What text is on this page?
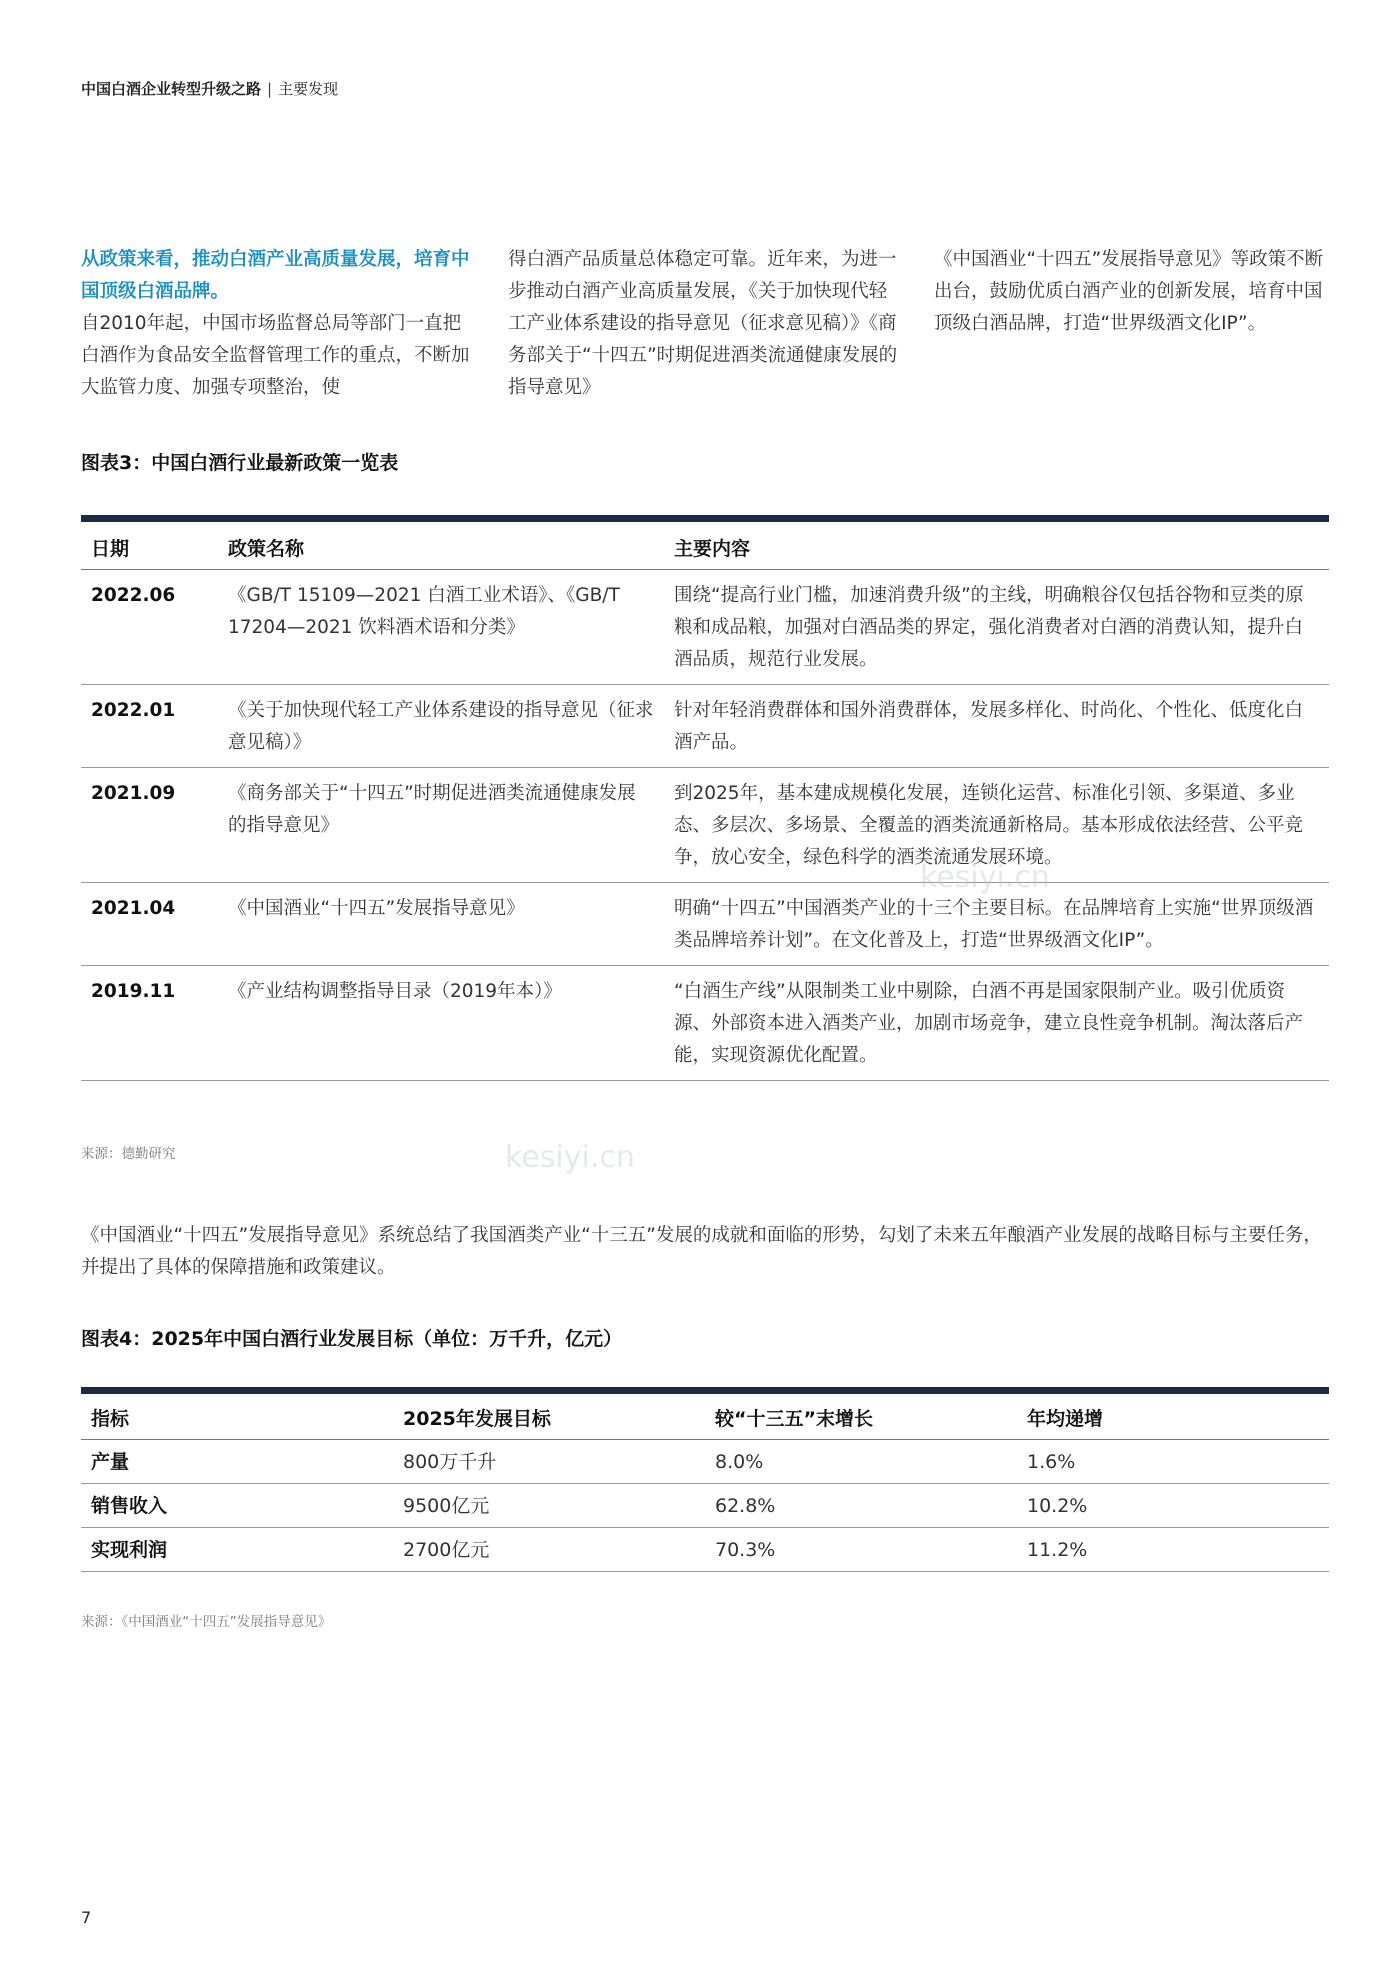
中国白酒企业转型升级之路 | 主要发现
从政策来看，推动白酒产业高质量发展，培育中国顶级白酒品牌。
自2010年起，中国市场监督总局等部门一直把白酒作为食品安全监督管理工作的重点，不断加大监管力度、加强专项整治，使
得白酒产品质量总体稳定可靠。近年来，为进一步推动白酒产业高质量发展，《关于加快现代轻工产业体系建设的指导意见（征求意见稿）》《商务部关于“十四五”时期促进酒类流通健康发展的指导意见》
《中国酒业“十四五”发展指导意见》等政策不断出台，鼓励优质白酒产业的创新发展，培育中国顶级白酒品牌，打造“世界级酒文化IP”。
图表3：中国白酒行业最新政策一览表
日期	政策名称	主要内容
2022.06	《GB/T 15109—2021 白酒工业术语》、《GB/T 17204—2021 饮料酒术语和分类》	围绕“提高行业门槛，加速消费升级”的主线，明确粮谷仅包括谷物和豆类的原粮和成品粮，加强对白酒品类的界定，强化消费者对白酒的消费认知，提升白酒品质，规范行业发展。
2022.01	《关于加快现代轻工产业体系建设的指导意见（征求意见稿）》	针对年轻消费群体和国外消费群体，发展多样化、时尚化、个性化、低度化白酒产品。
2021.09	《商务部关于“十四五”时期促进酒类流通健康发展的指导意见》	到2025年，基本建成规模化发展，连锁化运营、标准化引领、多渠道、多业态、多层次、多场景、全覆盖的酒类流通新格局。基本形成依法经营、公平竞争，放心安全，绿色科学的酒类流通发展环境。
2021.04	《中国酒业“十四五”发展指导意见》	明确“十四五”中国酒类产业的十三个主要目标。在品牌培育上实施“世界顶级酒类品牌培养计划”。在文化普及上，打造“世界级酒文化IP”。
2019.11	《产业结构调整指导目录（2019年本）》	“白酒生产线”从限制类工业中剔除，白酒不再是国家限制产业。吸引优质资源、外部资本进入酒类产业，加剧市场竞争，建立良性竞争机制。淘汰落后产能，实现资源优化配置。
来源：德勤研究
kesiyi.cn
kesiyi.cn
《中国酒业“十四五”发展指导意见》系统总结了我国酒类产业“十三五”发展的成就和面临的形势，勾划了未来五年酿酒产业发展的战略目标与主要任务，并提出了具体的保障措施和政策建议。
图表4：2025年中国白酒行业发展目标（单位：万千升，亿元）
指标	2025年发展目标	较“十三五”末增长	年均递增
产量	800万千升	8.0%	1.6%
销售收入	9500亿元	62.8%	10.2%
实现利润	2700亿元	70.3%	11.2%
来源：《中国酒业“十四五”发展指导意见》
7
